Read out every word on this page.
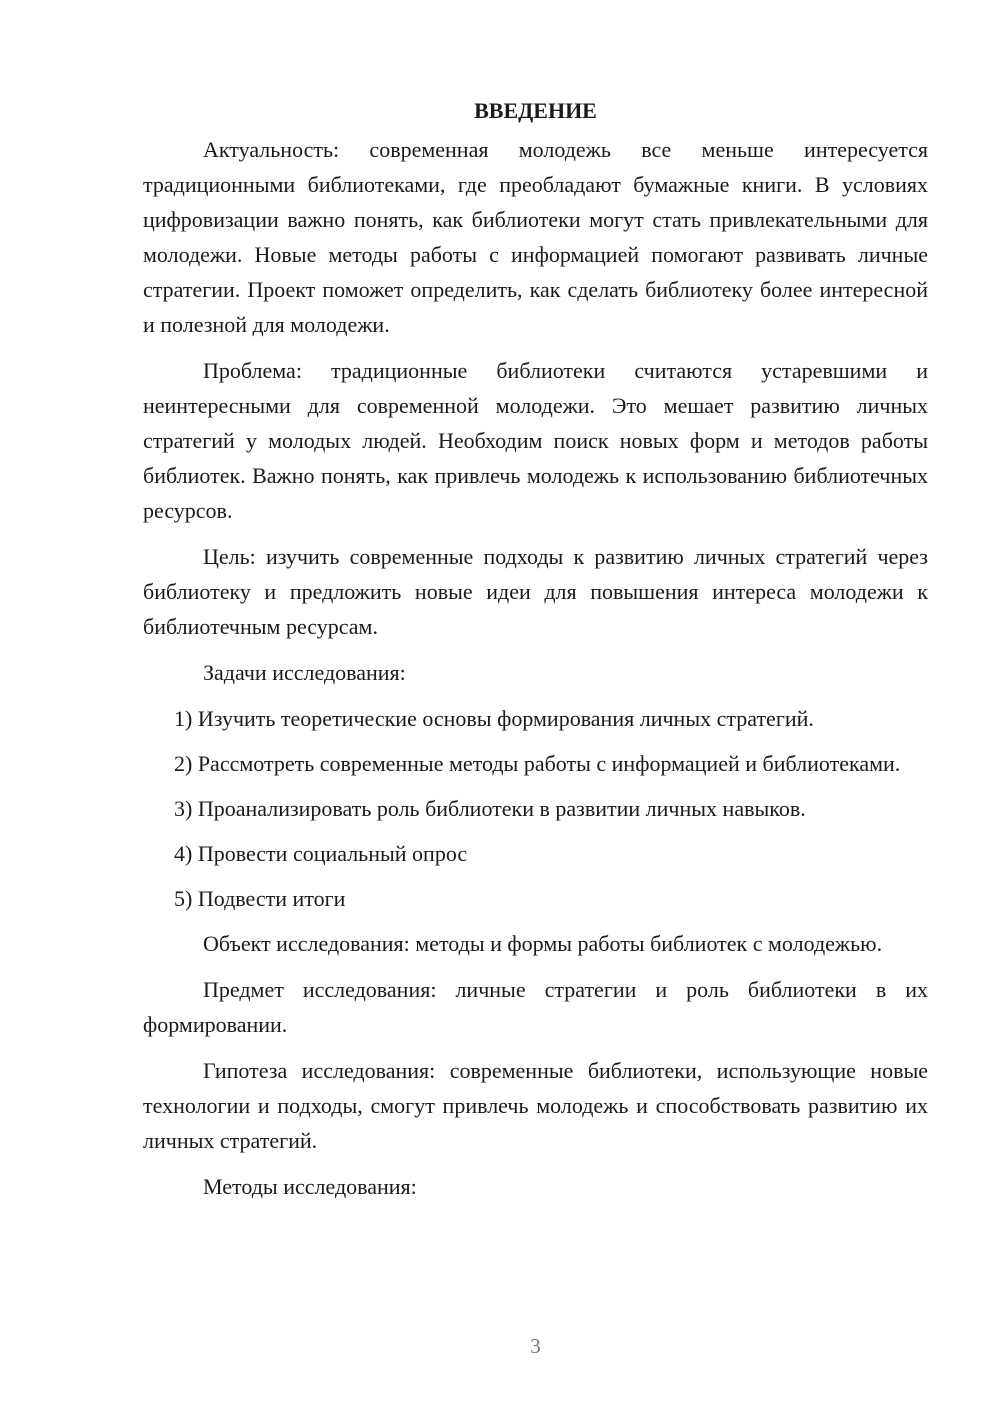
ВВЕДЕНИЕ

Актуальность: современная молодежь все меньше интересуется традиционными библиотеками, где преобладают бумажные книги. В условиях цифровизации важно понять, как библиотеки могут стать привлекательными для молодежи. Новые методы работы с информацией помогают развивать личные стратегии. Проект поможет определить, как сделать библиотеку более интересной и полезной для молодежи.

Проблема: традиционные библиотеки считаются устаревшими и неинтересными для современной молодежи. Это мешает развитию личных стратегий у молодых людей. Необходим поиск новых форм и методов работы библиотек. Важно понять, как привлечь молодежь к использованию библиотечных ресурсов.

Цель: изучить современные подходы к развитию личных стратегий через библиотеку и предложить новые идеи для повышения интереса молодежи к библиотечным ресурсам.

Задачи исследования:

1) Изучить теоретические основы формирования личных стратегий.

2) Рассмотреть современные методы работы с информацией и библиотеками.

3) Проанализировать роль библиотеки в развитии личных навыков.

4) Провести социальный опрос

5) Подвести итоги

Объект исследования: методы и формы работы библиотек с молодежью.

Предмет исследования: личные стратегии и роль библиотеки в их формировании.

Гипотеза исследования: современные библиотеки, использующие новые технологии и подходы, смогут привлечь молодежь и способствовать развитию их личных стратегий.

Методы исследования:

3
